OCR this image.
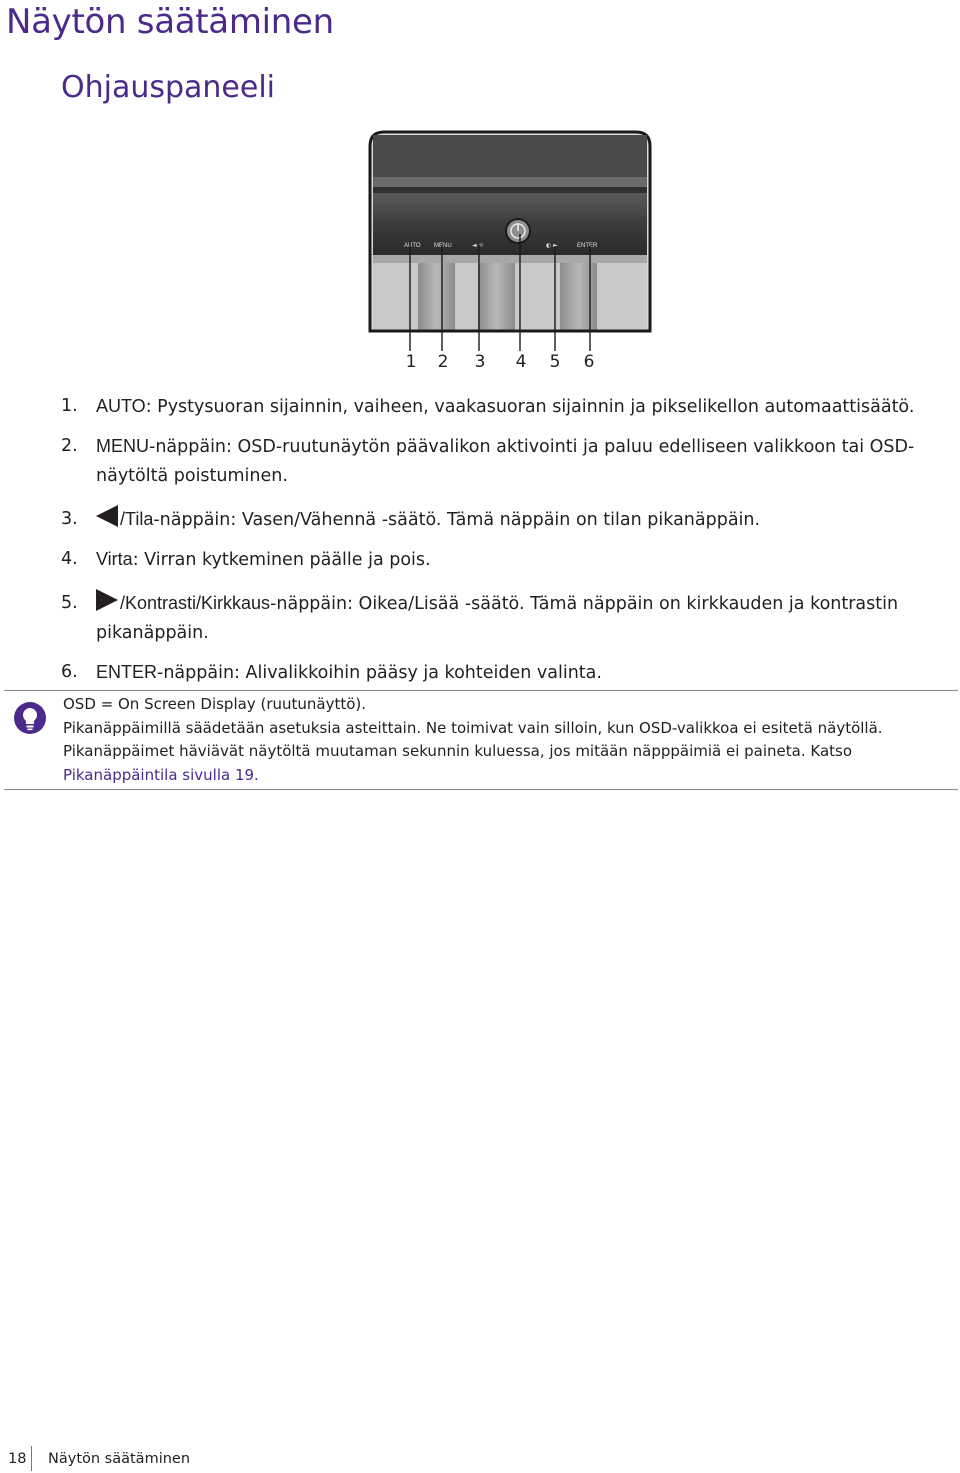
Näytön säätäminen
Ohjauspaneeli
AUTO MENU	◄ ☼	◐ ►	ENTER
1 2 3 4 5 6
1. AUTO: Pystysuoran sijainnin, vaiheen, vaakasuoran sijainnin ja pikselikellon automaattisäätö.
2. MENU-näppäin: OSD-ruutunäytön päävalikon aktivointi ja paluu edelliseen valikkoon tai OSD-näytöltä poistuminen.
3. /Tila-näppäin: Vasen/Vähennä -säätö. Tämä näppäin on tilan pikanäppäin.
4. Virta: Virran kytkeminen päälle ja pois.
5. /Kontrasti/Kirkkaus-näppäin: Oikea/Lisää -säätö. Tämä näppäin on kirkkauden ja kontrastin pikanäppäin.
6. ENTER-näppäin: Alivalikkoihin pääsy ja kohteiden valinta.
OSD = On Screen Display (ruutunäyttö).
Pikanäppäimillä säädetään asetuksia asteittain. Ne toimivat vain silloin, kun OSD-valikkoa ei esitetä näytöllä.
Pikanäppäimet häviävät näytöltä muutaman sekunnin kuluessa, jos mitään näpppäimiä ei paineta. Katso
Pikanäppäintila sivulla 19.
18 Näytön säätäminen
